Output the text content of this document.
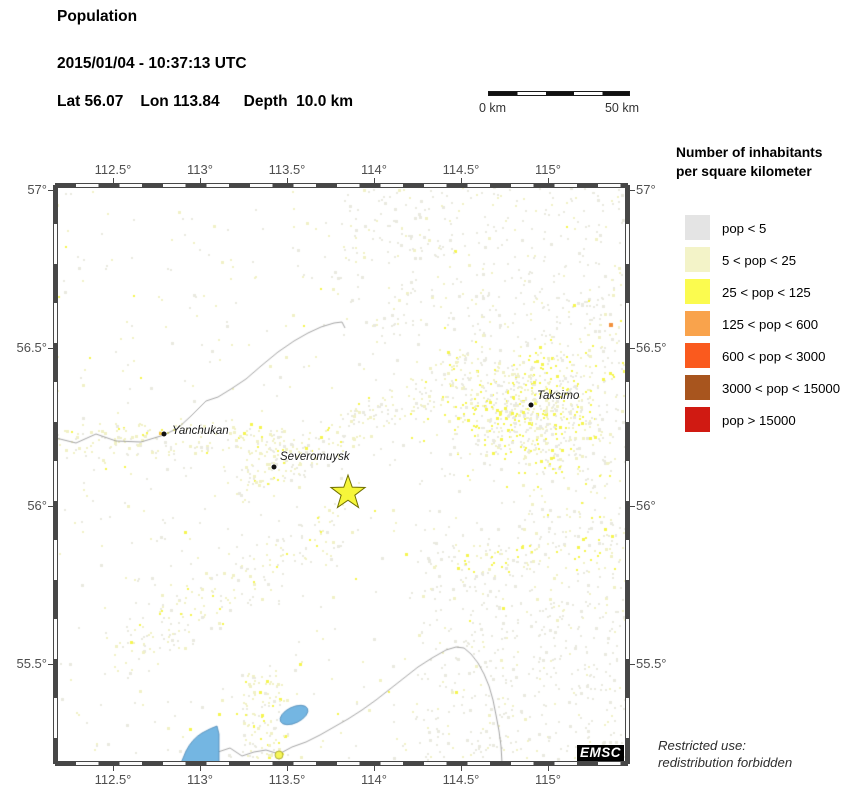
Population
2015/01/04 - 10:37:13 UTC
Lat 56.07 Lon 113.84 Depth  10.0 km	0 km	50 km
Yanchukan
Severomuysk
Taksimo
EMSC
112.5°
112.5°
113°
113°
113.5°
113.5°
114°
114°
114.5°
114.5°
115°
115°
57°	57°
56.5°	56.5°
56°	56°
55.5°	55.5°
Number of inhabitants
per square kilometer
pop < 5
5 < pop < 25
25 < pop < 125
125 < pop < 600
600 < pop < 3000
3000 < pop < 15000
pop > 15000
Restricted use:
redistribution forbidden
